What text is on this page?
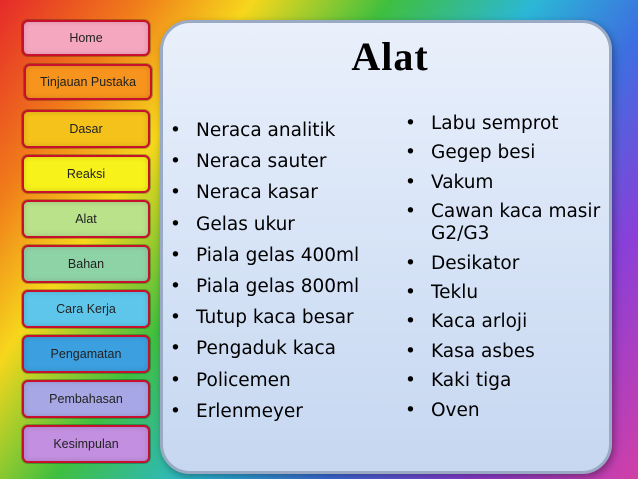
Home
Tinjauan Pustaka
Dasar
Reaksi
Alat
Bahan
Cara Kerja
Pengamatan
Pembahasan
Kesimpulan
Alat
• Neraca analitik
• Neraca sauter
• Neraca kasar
• Gelas ukur
• Piala gelas 400ml
• Piala gelas 800ml
• Tutup kaca besar
• Pengaduk kaca
• Policemen
• Erlenmeyer
• Labu semprot
• Gegep besi
• Vakum
• Cawan kaca masir G2/G3
• Desikator
• Teklu
• Kaca arloji
• Kasa asbes
• Kaki tiga
• Oven
